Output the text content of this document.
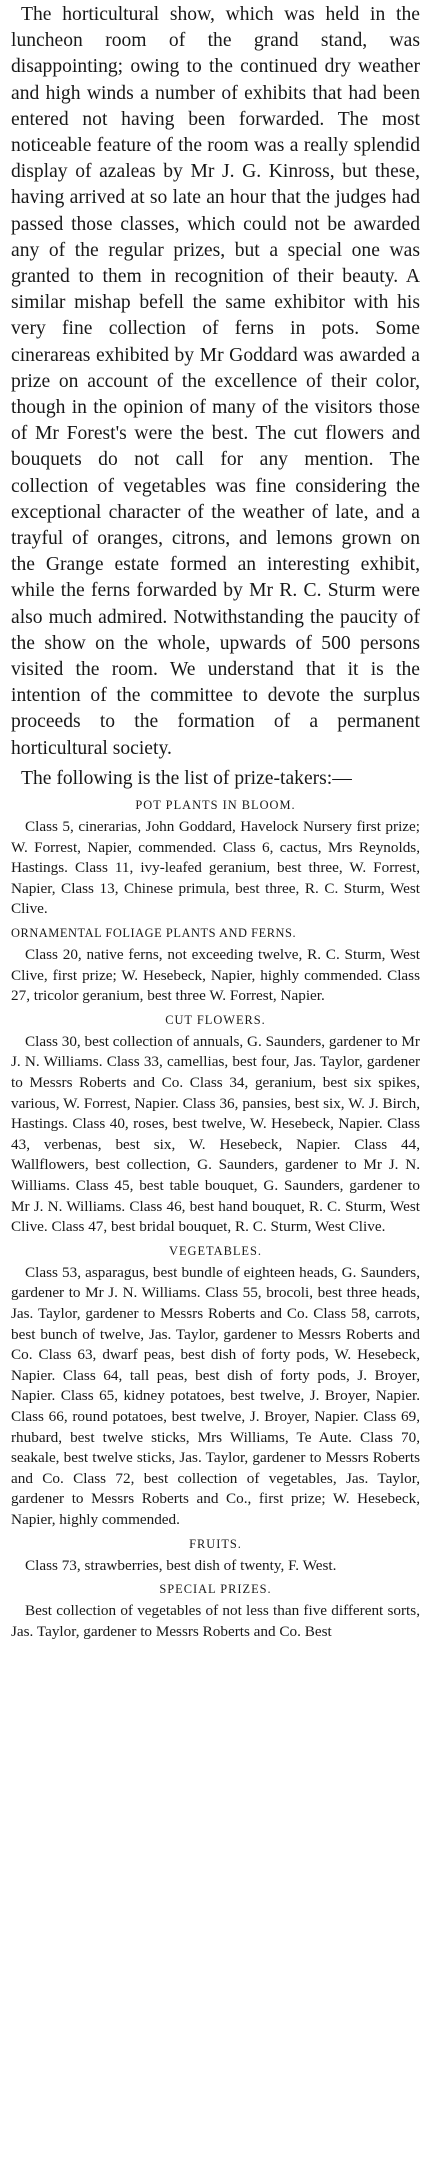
The horticultural show, which was held in the luncheon room of the grand stand, was disappointing; owing to the continued dry weather and high winds a number of exhibits that had been entered not having been forwarded. The most noticeable feature of the room was a really splendid display of azaleas by Mr J. G. Kinross, but these, having arrived at so late an hour that the judges had passed those classes, which could not be awarded any of the regular prizes, but a special one was granted to them in recognition of their beauty. A similar mishap befell the same exhibitor with his very fine collection of ferns in pots. Some cinerareas exhibited by Mr Goddard was awarded a prize on account of the excellence of their color, though in the opinion of many of the visitors those of Mr Forest's were the best. The cut flowers and bouquets do not call for any mention. The collection of vegetables was fine considering the exceptional character of the weather of late, and a trayful of oranges, citrons, and lemons grown on the Grange estate formed an interesting exhibit, while the ferns forwarded by Mr R. C. Sturm were also much admired. Notwithstanding the paucity of the show on the whole, upwards of 500 persons visited the room. We understand that it is the intention of the committee to devote the surplus proceeds to the formation of a permanent horticultural society.

The following is the list of prize-takers:—

POT PLANTS IN BLOOM.

Class 5, cinerarias, John Goddard, Havelock Nursery first prize; W. Forrest, Napier, commended. Class 6, cactus, Mrs Reynolds, Hastings. Class 11, ivy-leafed geranium, best three, W. Forrest, Napier, Class 13, Chinese primula, best three, R. C. Sturm, West Clive.

ORNAMENTAL FOLIAGE PLANTS AND FERNS.

Class 20, native ferns, not exceeding twelve, R. C. Sturm, West Clive, first prize; W. Hesebeck, Napier, highly commended. Class 27, tricolor geranium, best three W. Forrest, Napier.

CUT FLOWERS.

Class 30, best collection of annuals, G. Saunders, gardener to Mr J. N. Williams. Class 33, camellias, best four, Jas. Taylor, gardener to Messrs Roberts and Co. Class 34, geranium, best six spikes, various, W. Forrest, Napier. Class 36, pansies, best six, W. J. Birch, Hastings. Class 40, roses, best twelve, W. Hesebeck, Napier. Class 43, verbenas, best six, W. Hesebeck, Napier. Class 44, Wallflowers, best collection, G. Saunders, gardener to Mr J. N. Williams. Class 45, best table bouquet, G. Saunders, gardener to Mr J. N. Williams. Class 46, best hand bouquet, R. C. Sturm, West Clive. Class 47, best bridal bouquet, R. C. Sturm, West Clive.

VEGETABLES.

Class 53, asparagus, best bundle of eighteen heads, G. Saunders, gardener to Mr J. N. Williams. Class 55, brocoli, best three heads, Jas. Taylor, gardener to Messrs Roberts and Co. Class 58, carrots, best bunch of twelve, Jas. Taylor, gardener to Messrs Roberts and Co. Class 63, dwarf peas, best dish of forty pods, W. Hesebeck, Napier. Class 64, tall peas, best dish of forty pods, J. Broyer, Napier. Class 65, kidney potatoes, best twelve, J. Broyer, Napier. Class 66, round potatoes, best twelve, J. Broyer, Napier. Class 69, rhubard, best twelve sticks, Mrs Williams, Te Aute. Class 70, seakale, best twelve sticks, Jas. Taylor, gardener to Messrs Roberts and Co. Class 72, best collection of vegetables, Jas. Taylor, gardener to Messrs Roberts and Co., first prize; W. Hesebeck, Napier, highly commended.

FRUITS.

Class 73, strawberries, best dish of twenty, F. West.

SPECIAL PRIZES.

Best collection of vegetables of not less than five different sorts, Jas. Taylor, gardener to Messrs Roberts and Co. Best
